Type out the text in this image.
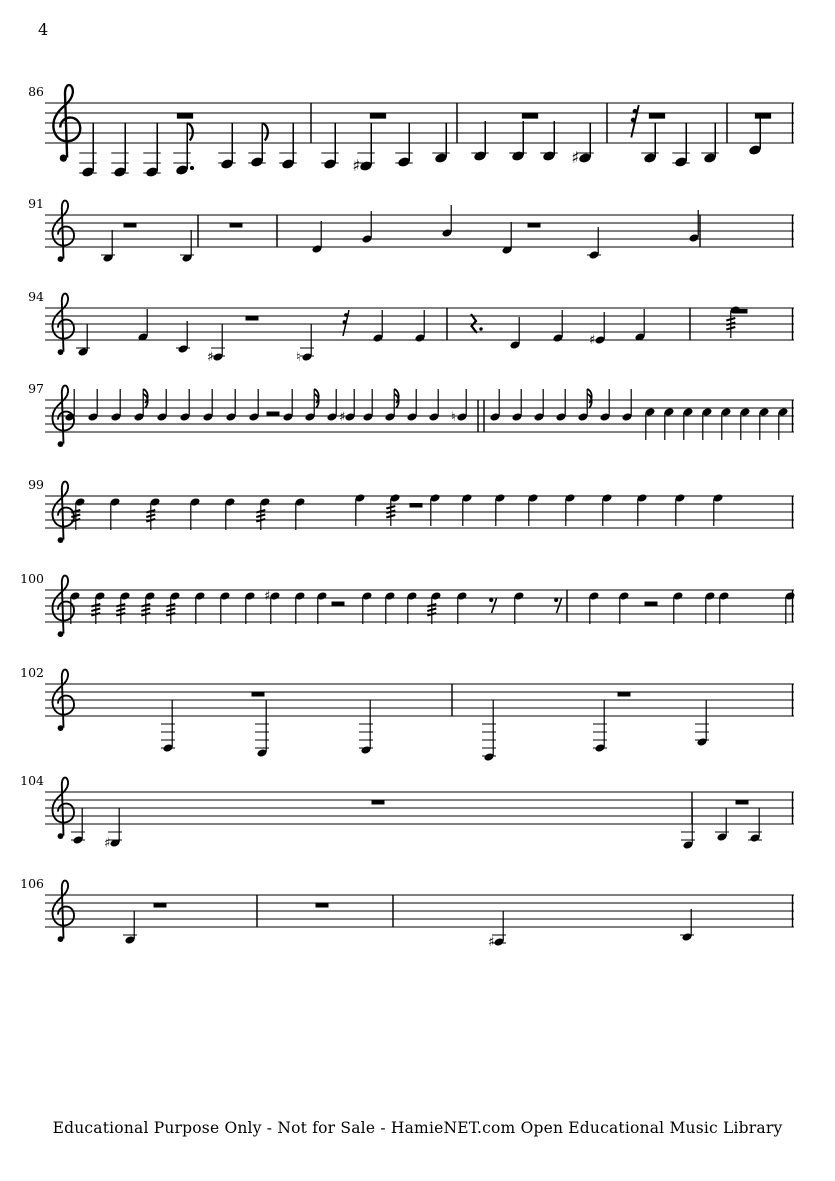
4
86
♯	♯
91
94
♯	♮
♯
97
♯	♮
99
100
♯
102
104
♯
106
♯
Educational Purpose Only - Not for Sale - HamieNET.com Open Educational Music Library
